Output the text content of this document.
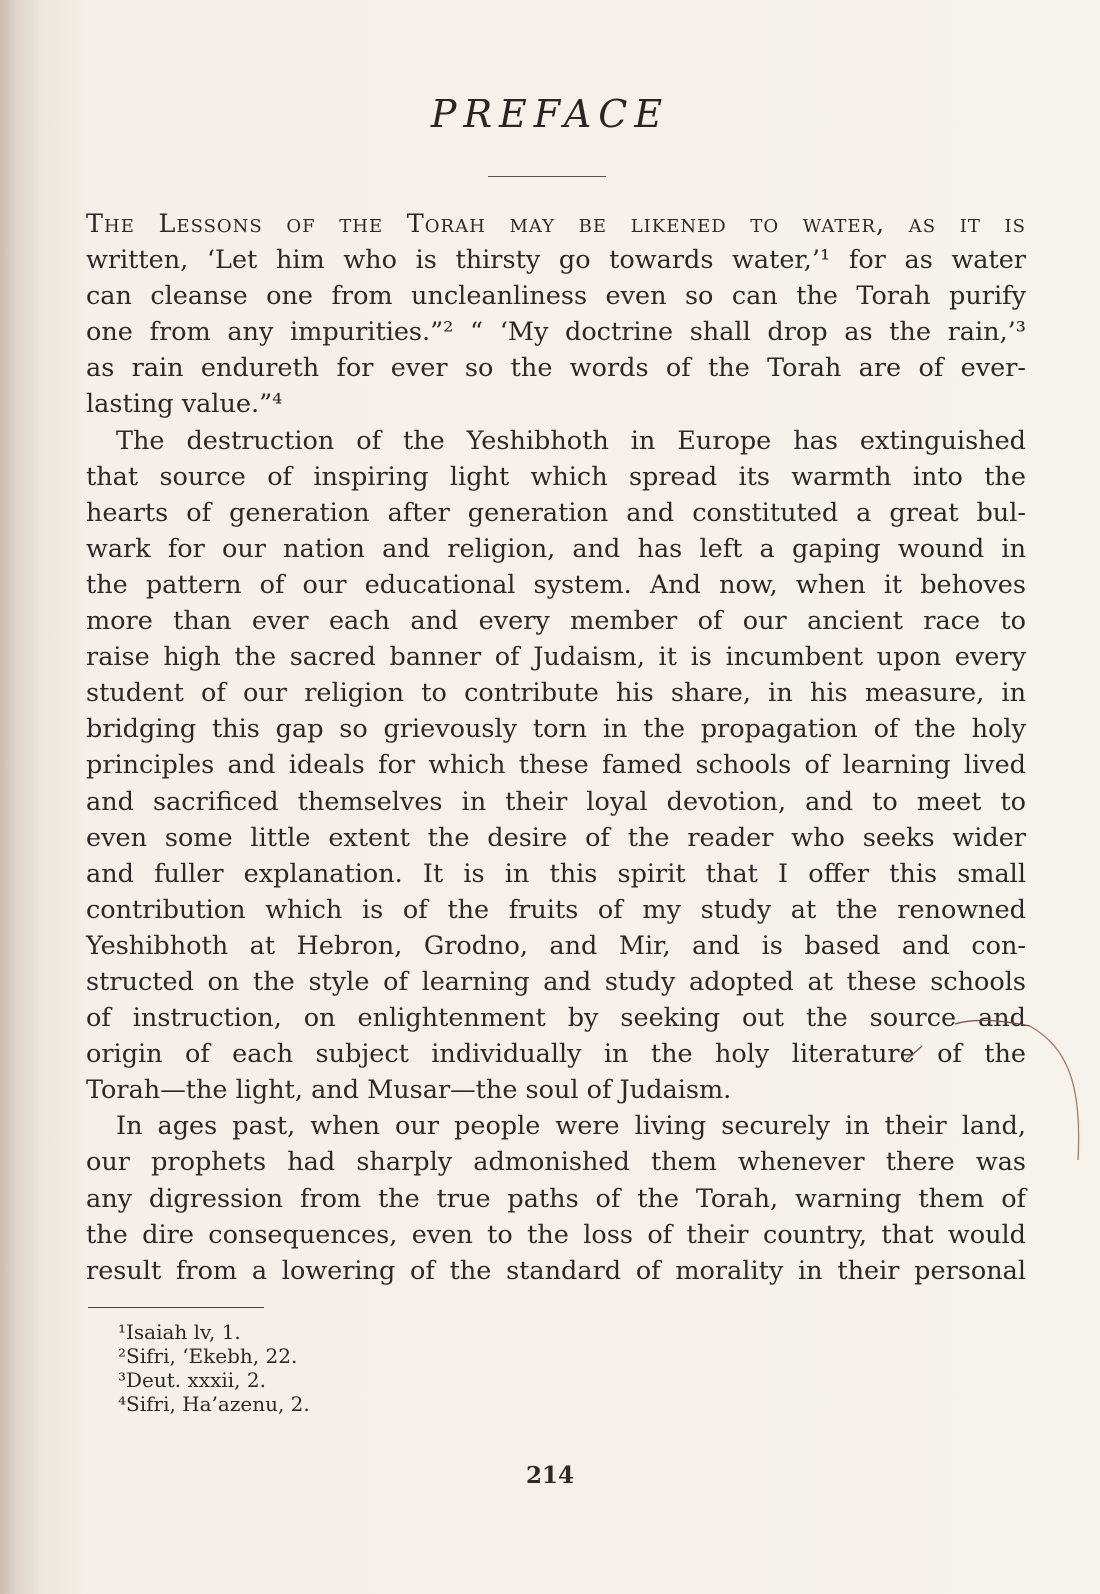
PREFACE
The Lessons of the Torah may be likened to water, as it is
written, ‘Let him who is thirsty go towards water,’¹ for as water
can cleanse one from uncleanliness even so can the Torah purify
one from any impurities.”² “ ‘My doctrine shall drop as the rain,’³
as rain endureth for ever so the words of the Torah are of ever-
lasting value.”⁴
The destruction of the Yeshibhoth in Europe has extinguished
that source of inspiring light which spread its warmth into the
hearts of generation after generation and constituted a great bul-
wark for our nation and religion, and has left a gaping wound in
the pattern of our educational system. And now, when it behoves
more than ever each and every member of our ancient race to
raise high the sacred banner of Judaism, it is incumbent upon every
student of our religion to contribute his share, in his measure, in
bridging this gap so grievously torn in the propagation of the holy
principles and ideals for which these famed schools of learning lived
and sacrificed themselves in their loyal devotion, and to meet to
even some little extent the desire of the reader who seeks wider
and fuller explanation. It is in this spirit that I offer this small
contribution which is of the fruits of my study at the renowned
Yeshibhoth at Hebron, Grodno, and Mir, and is based and con-
structed on the style of learning and study adopted at these schools
of instruction, on enlightenment by seeking out the source and
origin of each subject individually in the holy literature of the
Torah—the light, and Musar—the soul of Judaism.
In ages past, when our people were living securely in their land,
our prophets had sharply admonished them whenever there was
any digression from the true paths of the Torah, warning them of
the dire consequences, even to the loss of their country, that would
result from a lowering of the standard of morality in their personal
¹Isaiah lv, 1.
²Sifri, ‘Ekebh, 22.
³Deut. xxxii, 2.
⁴Sifri, Ha’azenu, 2.
214
